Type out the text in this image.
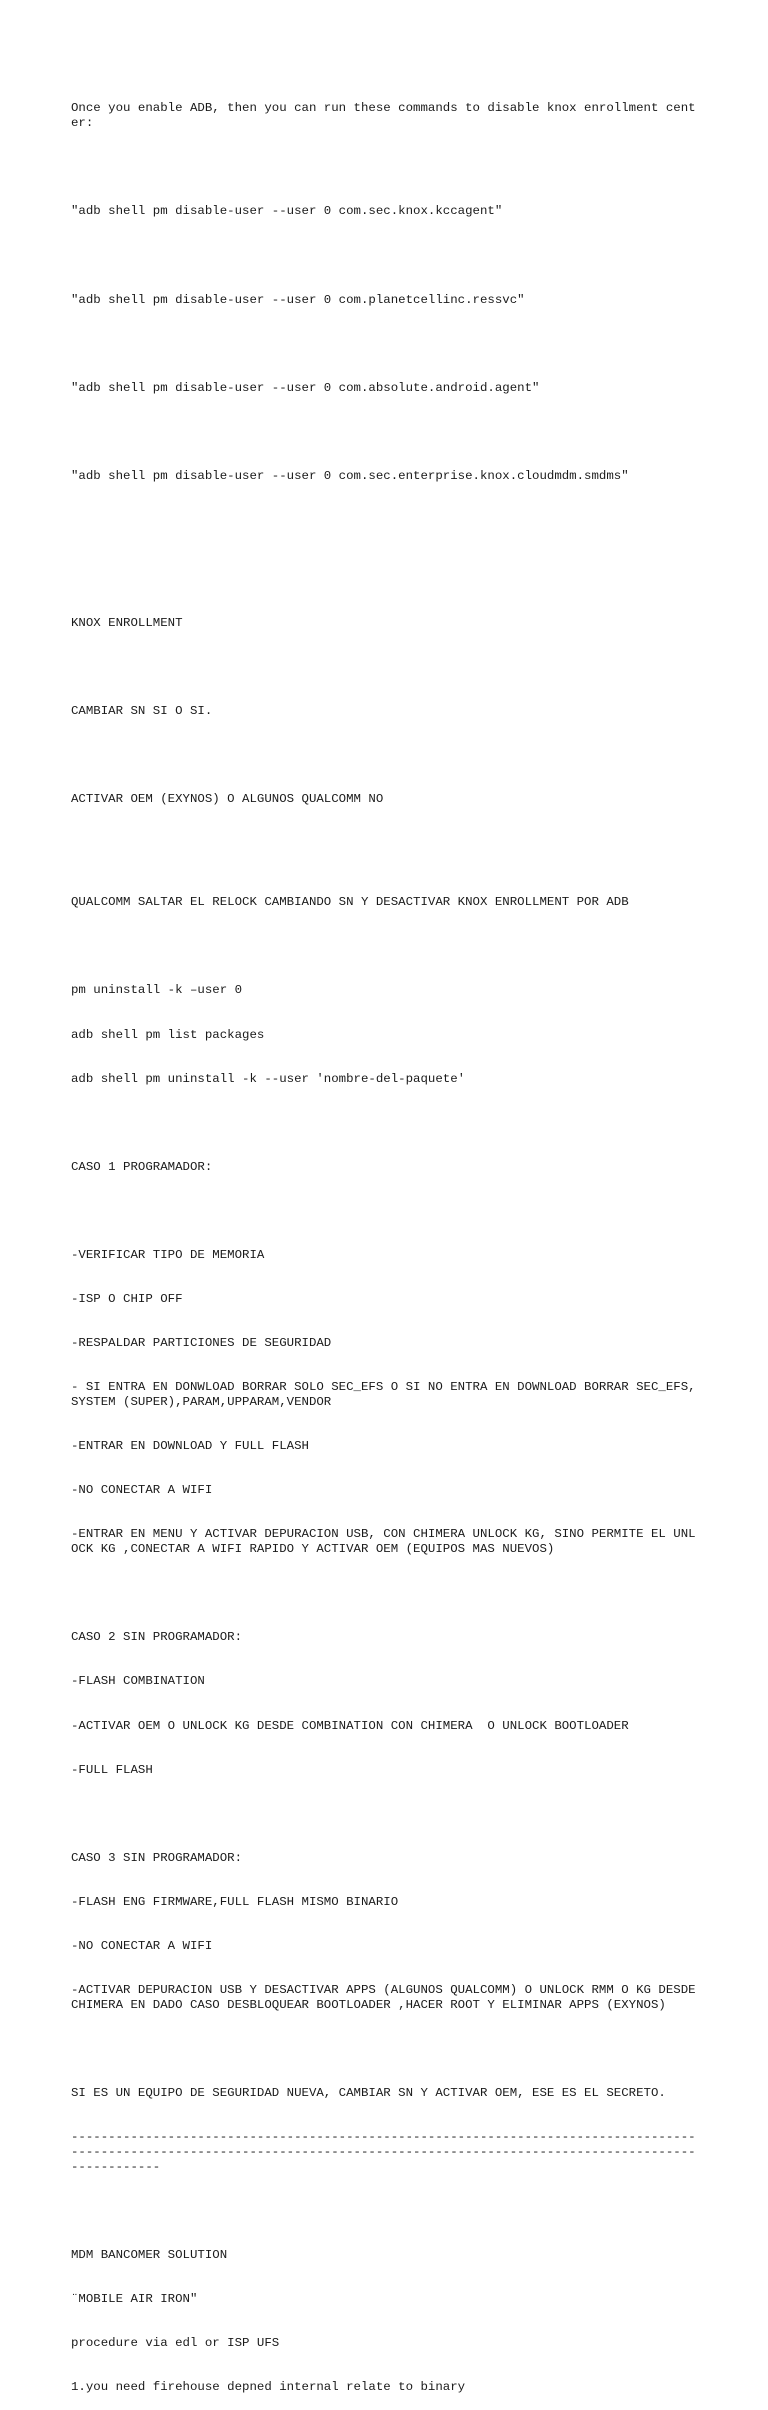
Once you enable ADB, then you can run these commands to disable knox enrollment center:

"adb shell pm disable-user --user 0 com.sec.knox.kccagent"

"adb shell pm disable-user --user 0 com.planetcellinc.ressvc"

"adb shell pm disable-user --user 0 com.absolute.android.agent"

"adb shell pm disable-user --user 0 com.sec.enterprise.knox.cloudmdm.smdms"

KNOX ENROLLMENT

CAMBIAR SN SI O SI.

ACTIVAR OEM (EXYNOS) O ALGUNOS QUALCOMM NO

QUALCOMM SALTAR EL RELOCK CAMBIANDO SN Y DESACTIVAR KNOX ENROLLMENT POR ADB

pm uninstall -k –user 0

adb shell pm list packages

adb shell pm uninstall -k --user 'nombre-del-paquete'

CASO 1 PROGRAMADOR:

-VERIFICAR TIPO DE MEMORIA

-ISP O CHIP OFF

-RESPALDAR PARTICIONES DE SEGURIDAD

- SI ENTRA EN DONWLOAD BORRAR SOLO SEC_EFS O SI NO ENTRA EN DOWNLOAD BORRAR SEC_EFS, SYSTEM (SUPER),PARAM,UPPARAM,VENDOR

-ENTRAR EN DOWNLOAD Y FULL FLASH

-NO CONECTAR A WIFI

-ENTRAR EN MENU Y ACTIVAR DEPURACION USB, CON CHIMERA UNLOCK KG, SINO PERMITE EL UNLOCK KG ,CONECTAR A WIFI RAPIDO Y ACTIVAR OEM (EQUIPOS MAS NUEVOS)

CASO 2 SIN PROGRAMADOR:

-FLASH COMBINATION

-ACTIVAR OEM O UNLOCK KG DESDE COMBINATION CON CHIMERA  O UNLOCK BOOTLOADER

-FULL FLASH

CASO 3 SIN PROGRAMADOR:

-FLASH ENG FIRMWARE,FULL FLASH MISMO BINARIO

-NO CONECTAR A WIFI

-ACTIVAR DEPURACION USB Y DESACTIVAR APPS (ALGUNOS QUALCOMM) O UNLOCK RMM O KG DESDE CHIMERA EN DADO CASO DESBLOQUEAR BOOTLOADER ,HACER ROOT Y ELIMINAR APPS (EXYNOS)

SI ES UN EQUIPO DE SEGURIDAD NUEVA, CAMBIAR SN Y ACTIVAR OEM, ESE ES EL SECRETO.

------------------------------------------------------------------------------------------------------------------------------------------------------------------------------------

MDM BANCOMER SOLUTION

¨MOBILE AIR IRON"

procedure via edl or ISP UFS

1.you need firehouse depned internal relate to binary
